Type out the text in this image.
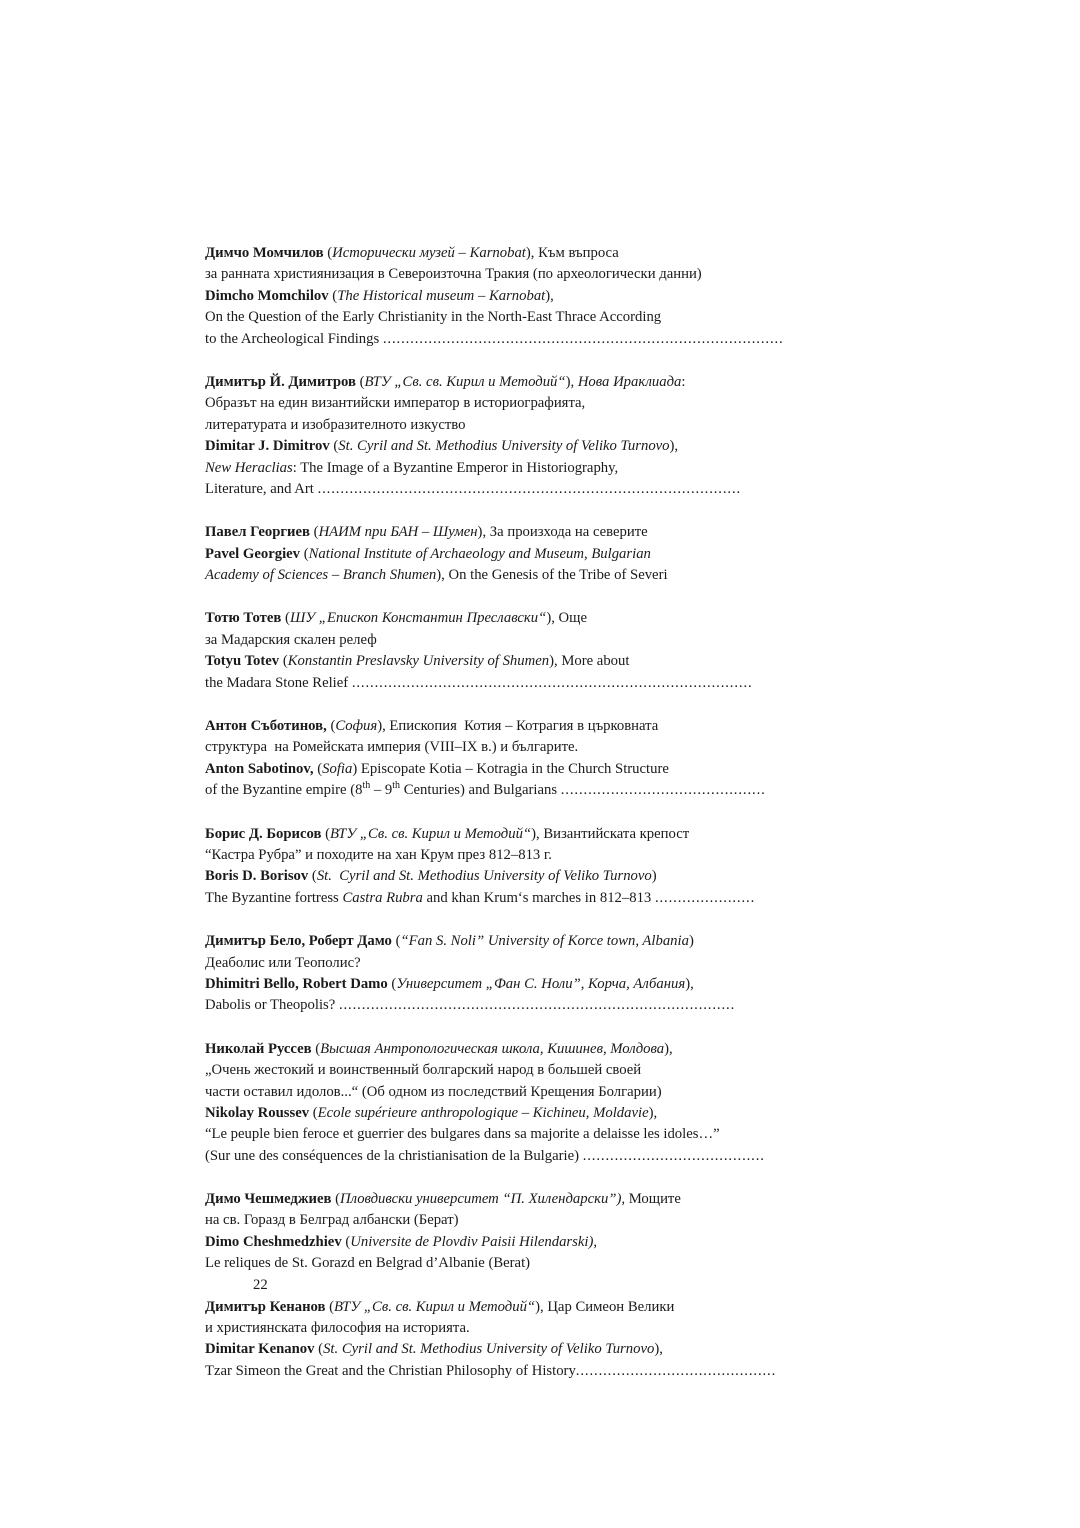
Димчо Момчилов (Исторически музей – Karnobat), Към въпроса
за ранната християнизация в Североизточна Тракия (по археологически данни)
Dimcho Momchilov (The Historical museum – Karnobat),
On the Question of the Early Christianity in the North-East Thrace According
to the Archeological Findings ........................................................................................
Димитър Й. Димитров (ВТУ „Св. св. Кирил и Методий“), Нова Ираклиада:
Образът на един византийски император в историографията,
литературата и изобразителното изкуство
Dimitar J. Dimitrov (St. Cyril and St. Methodius University of Veliko Turnovo),
New Heraclias: The Image of a Byzantine Emperor in Historiography,
Literature, and Art .............................................................................................
Павел Георгиев (НАИМ при БАН – Шумен), За произхода на северите
Pavel Georgiev (National Institute of Archaeology and Museum, Bulgarian
Academy of Sciences – Branch Shumen), On the Genesis of the Tribe of Severi
Тотю Тотев (ШУ „Епископ Константин Преславски“), Още
за Мадарския скален релеф
Totyu Totev (Konstantin Preslavsky University of Shumen), More about
the Madara Stone Relief ........................................................................................
Антон Съботинов, (София), Епископия  Котия – Котрагия в църковната
структура  на Ромейската империя (VIII–IX в.) и българите.
Anton Sabotinov, (Sofia) Episcopate Kotia – Kotragia in the Church Structure
of the Byzantine empire (8th – 9th Centuries) and Bulgarians .............................................
Борис Д. Борисов (ВТУ „Св. св. Кирил и Методий“), Византийската крепост
“Кастра Рубра” и походите на хан Крум през 812–813 г.
Boris D. Borisov (St.  Cyril and St. Methodius University of Veliko Turnovo)
The Byzantine fortress Castra Rubra and khan Krum‘s marches in 812–813 ......................
Димитър Бело, Роберт Дамо (“Fan S. Noli” University of Korce town, Albania)
Деаболис или Теополис?
Dhimitri Bello, Robert Damo (Университет „Фан С. Ноли”, Корча, Албания),
Dabolis or Theopolis? .......................................................................................
Николай Руссев (Высшая Антропологическая школа, Кишинев, Молдова),
„Очень жестокий и воинственный болгарский народ в большей своей
части оставил идолов...“ (Об одном из последствий Крещения Болгарии)
Nikolay Roussev (Ecole supérieure anthropologique – Kichineu, Moldavie),
“Le peuple bien feroce et guerrier des bulgares dans sa majorite a delaisse les idoles…”
(Sur une des conséquences de la christianisation de la Bulgarie) ........................................
Димо Чешмеджиев (Пловдивски университет “П. Хилендарски”), Мощите
на св. Горазд в Белград албански (Берат)
Dimo Cheshmedzhiev (Universite de Plovdiv Paisii Hilendarski),
Le reliques de St. Gorazd en Belgrad d’Albanie (Berat)
Димитър Кенанов (ВТУ „Св. св. Кирил и Методий“), Цар Симеон Велики
и християнската философия на историята.
Dimitar Kenanov (St. Cyril and St. Methodius University of Veliko Turnovo),
Tzar Simeon the Great and the Christian Philosophy of History............................................
22
